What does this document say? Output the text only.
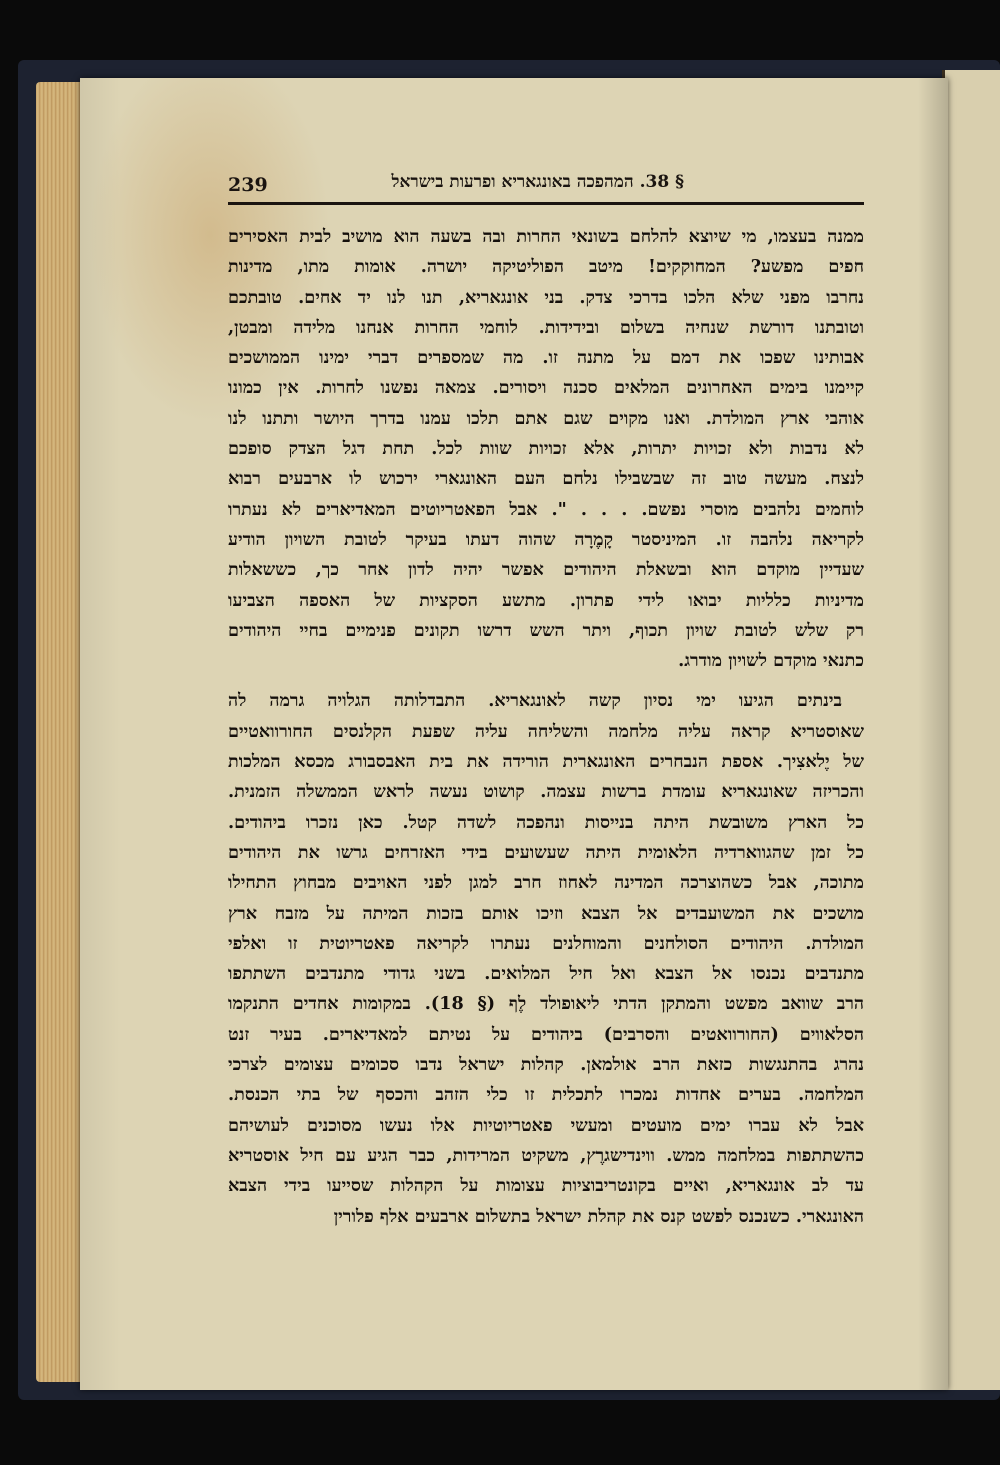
239	§ 38. המהפכה באונגאריא ופרעות בישראל
ממנה בעצמו, מי שיוצא להלחם בשונאי החרות ובה בשעה הוא מושיב לבית האסירים
חפים מפשע? המחוקקים! מיטב הפוליטיקה יושרה. אומות מתו, מדינות
נחרבו מפני שלא הלכו בדרכי צדק. בני אונגאריא, תנו לנו יד אחים. טובתכם
וטובתנו דורשת שנחיה בשלום ובידידות. לוחמי החרות אנחנו מלידה ומבטן,
אבותינו שפכו את דמם על מתנה זו. מה שמספרים דברי ימינו הממושכים
קיימנו בימים האחרונים המלאים סכנה ויסורים. צמאה נפשנו לחרות. אין כמונו
אוהבי ארץ המולדת. ואנו מקוים שגם אתם תלכו עמנו בדרך היושר ותתנו לנו
לא נדבות ולא זכויות יתרות, אלא זכויות שוות לכל. תחת דגל הצדק סופכם
לנצח. מעשה טוב זה שבשבילו נלחם העם האונגארי ירכוש לו ארבעים רבוא
לוחמים נלהבים מוסרי נפשם. . . . ". אבל הפאטריוטים המאדיארים לא נעתרו
לקריאה נלהבה זו. המיניסטר קָמֶרָה שהוה דעתו בעיקר לטובת השויון הודיע
שעדיין מוקדם הוא ובשאלת היהודים אפשר יהיה לדון אחר כך, כששאלות
מדיניות כלליות יבואו לידי פתרון. מתשע הסקציות של האספה הצביעו
רק שלש לטובת שויון תכוף, ויתר השש דרשו תקונים פנימיים בחיי היהודים
כתנאי מוקדם לשויון מודרג.
בינתים הגיעו ימי נסיון קשה לאונגאריא. התבדלותה הגלויה גרמה לה
שאוסטריא קראה עליה מלחמה והשליחה עליה שפעת הקלנסים החורוואטיים
של יֶלאצִיך. אספת הנבחרים האונגארית הורידה את בית האבסבורג מכסא המלכות
והכריזה שאונגאריא עומדת ברשות עצמה. קושוט נעשה לראש הממשלה הזמנית.
כל הארץ משובשת היתה בנייסות ונהפכה לשדה קטל. כאן נזכרו ביהודים.
כל זמן שהגווארדיה הלאומית היתה שעשועים בידי האזרחים גרשו את היהודים
מתוכה, אבל כשהוצרכה המדינה לאחוז חרב למגן לפני האויבים מבחוץ התחילו
מושכים את המשועבדים אל הצבא וזיכו אותם בזכות המיתה על מזבח ארץ
המולדת. היהודים הסולחנים והמוחלנים נעתרו לקריאה פאטריוטית זו ואלפי
מתנדבים נכנסו אל הצבא ואל חיל המלואים. בשני גדודי מתנדבים השתתפו
הרב שוואב מפשט והמתקן הדתי ליאופולד לֶף (§ 18). במקומות אחדים התנקמו
הסלאווים (החורוואטים והסרבים) ביהודים על נטיתם למאדיארים. בעיר זנט
נהרג בהתנגשות כזאת הרב אולמאן. קהלות ישראל נדבו סכומים עצומים לצרכי
המלחמה. בערים אחדות נמכרו לתכלית זו כלי הזהב והכסף של בתי הכנסת.
אבל לא עברו ימים מועטים ומעשי פאטריוטיות אלו נעשו מסוכנים לעושיהם
כהשתתפות במלחמה ממש. ווינדישגרֶץ, משקיט המרידות, כבר הגיע עם חיל אוסטריא
עד לב אונגאריא, ואיים בקונטריבוציות עצומות על הקהלות שסייעו בידי הצבא
האונגארי. כשנכנס לפשט קנס את קהלת ישראל בתשלום ארבעים אלף פלורין
